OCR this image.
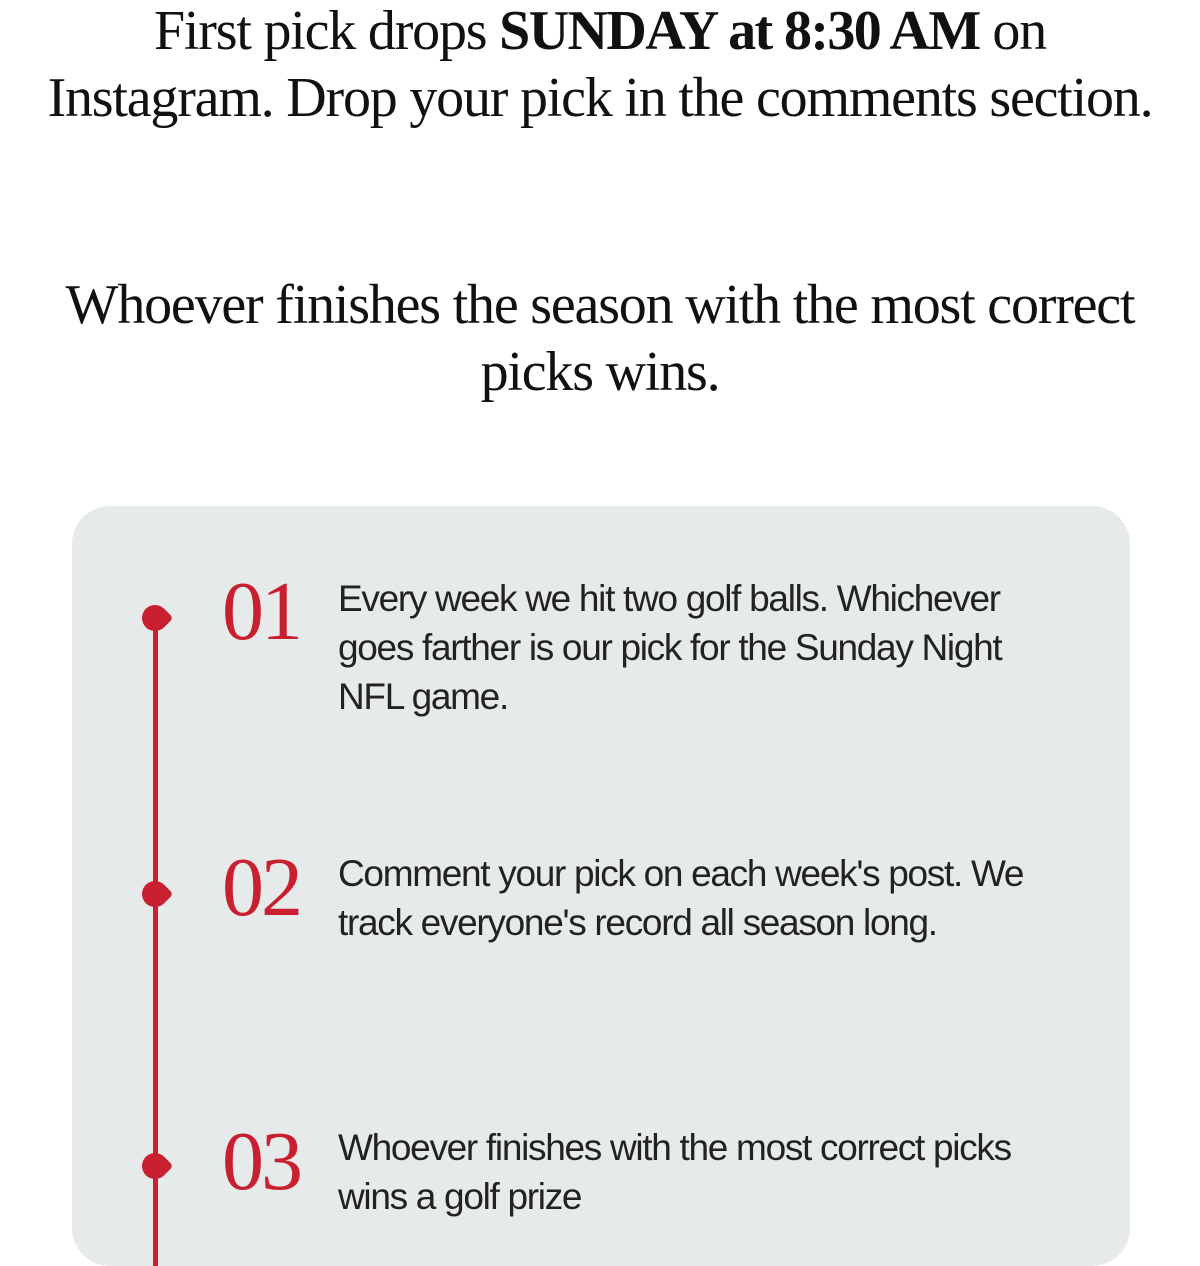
First pick drops SUNDAY at 8:30 AM on Instagram. Drop your pick in the comments section.

Whoever finishes the season with the most correct picks wins.

01 Every week we hit two golf balls. Whichever goes farther is our pick for the Sunday Night NFL game.
02 Comment your pick on each week's post. We track everyone's record all season long.
03 Whoever finishes with the most correct picks wins a golf prize
